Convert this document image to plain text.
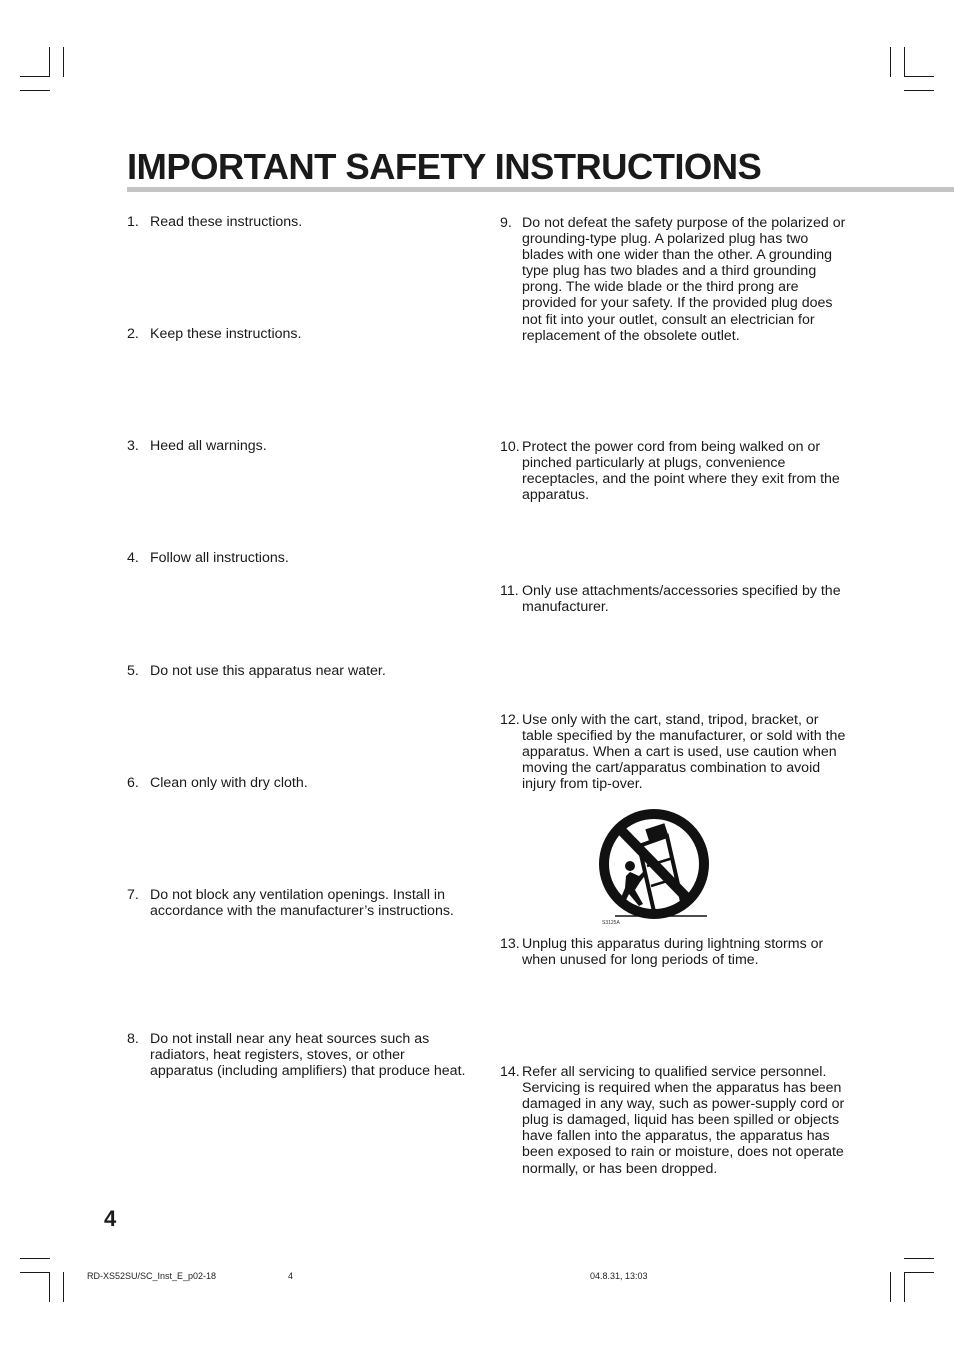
IMPORTANT SAFETY INSTRUCTIONS
1. Read these instructions.
2. Keep these instructions.
3. Heed all warnings.
4. Follow all instructions.
5. Do not use this apparatus near water.
6. Clean only with dry cloth.
7. Do not block any ventilation openings. Install in accordance with the manufacturer’s instructions.
8. Do not install near any heat sources such as radiators, heat registers, stoves, or other apparatus (including amplifiers) that produce heat.
9. Do not defeat the safety purpose of the polarized or grounding-type plug. A polarized plug has two blades with one wider than the other. A grounding type plug has two blades and a third grounding prong. The wide blade or the third prong are provided for your safety. If the provided plug does not fit into your outlet, consult an electrician for replacement of the obsolete outlet.
10. Protect the power cord from being walked on or pinched particularly at plugs, convenience receptacles, and the point where they exit from the apparatus.
11. Only use attachments/accessories specified by the manufacturer.
12. Use only with the cart, stand, tripod, bracket, or table specified by the manufacturer, or sold with the apparatus. When a cart is used, use caution when moving the cart/apparatus combination to avoid injury from tip-over.
S3125A
13. Unplug this apparatus during lightning storms or when unused for long periods of time.
14. Refer all servicing to qualified service personnel. Servicing is required when the apparatus has been damaged in any way, such as power-supply cord or plug is damaged, liquid has been spilled or objects have fallen into the apparatus, the apparatus has been exposed to rain or moisture, does not operate normally, or has been dropped.
4
RD-XS52SU/SC_Inst_E_p02-18	4	04.8.31, 13:03
